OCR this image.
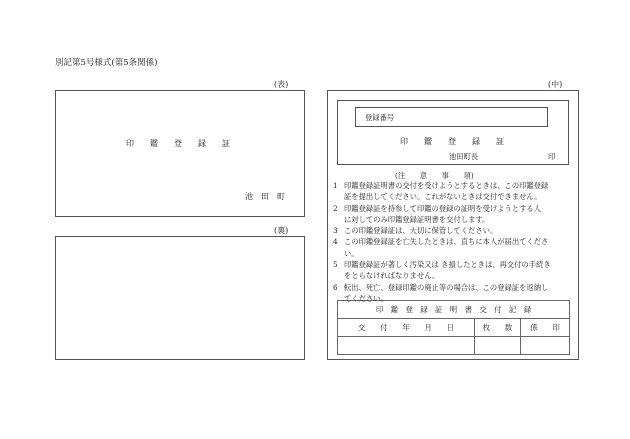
別記第5号様式(第5条関係)
(表)
印　　鑑　　登　　録　　証
池　田　町
(裏)
(中)
登録番号
印　　鑑　　登　　録　　証
池田町長	印
(注　　意　　事　　項)
印　鑑　登　録　証　明　書　交　付　記　録		
交　　付　　年　　月　　日	枚　　数	係　　印

1 印鑑登録証明書の交付を受けようとするときは、この印鑑登録
証を提出してください。これがないときは交付できません。
2 印鑑登録証を持参して印鑑の登録の証明を受けようとする人
に対してのみ印鑑登録証明書を交付します。
3 この印鑑登録証は、大切に保管してください。
4 この印鑑登録証を亡失したときは、直ちに本人が届出てくださ
い。
5 印鑑登録証が著しく汚染又は き損したときは、再交付の手続き
をとらなければなりません。
6 転出、死亡、登録印鑑の廃止等の場合は、この登録証を返納し
てください。
